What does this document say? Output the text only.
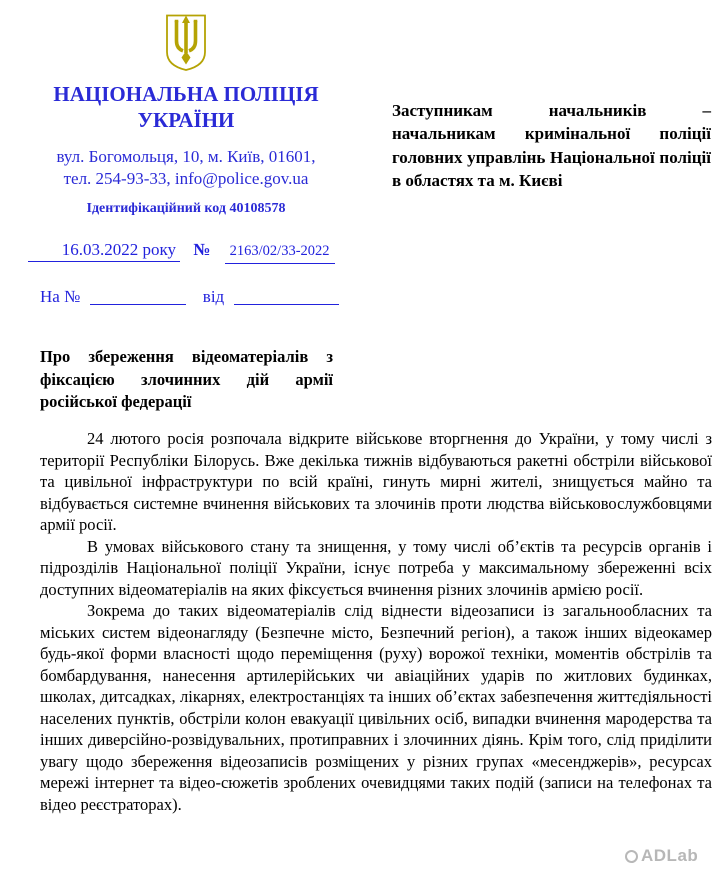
НАЦІОНАЛЬНА ПОЛІЦІЯ УКРАЇНИ
вул. Богомольця, 10, м. Київ, 01601,
тел. 254-93-33, info@police.gov.ua
Ідентифікаційний код 40108578
Заступникам начальників – начальникам кримінальної поліції головних управлінь Національної поліції в областях та м. Києві
16.03.2022 року № 2163/02/33-2022
На №	від
Про збереження відеоматеріалів з фіксацією злочинних дій армії російської федерації

24 лютого росія розпочала відкрите військове вторгнення до України, у тому числі з території Республіки Білорусь. Вже декілька тижнів відбуваються ракетні обстріли військової та цивільної інфраструктури по всій країні, гинуть мирні жителі, знищується майно та відбувається системне вчинення військових та злочинів проти людства військовослужбовцями армії росії.

В умовах військового стану та знищення, у тому числі об’єктів та ресурсів органів і підрозділів Національної поліції України, існує потреба у максимальному збереженні всіх доступних відеоматеріалів на яких фіксується вчинення різних злочинів армією росії.

Зокрема до таких відеоматеріалів слід віднести відеозаписи із загальнообласних та міських систем відеонагляду (Безпечне місто, Безпечний регіон), а також інших відеокамер будь-якої форми власності щодо переміщення (руху) ворожої техніки, моментів обстрілів та бомбардування, нанесення артилерійських чи авіаційних ударів по житлових будинках, школах, дитсадках, лікарнях, електростанціях та інших об’єктах забезпечення життєдіяльності населених пунктів, обстріли колон евакуації цивільних осіб, випадки вчинення мародерства та інших диверсійно-розвідувальних, протиправних і злочинних діянь. Крім того, слід приділити увагу щодо збереження відеозаписів розміщених у різних групах «месенджерів», ресурсах мережі інтернет та відео-сюжетів зроблених очевидцями таких подій (записи на телефонах та відео реєстраторах).

ADLab
